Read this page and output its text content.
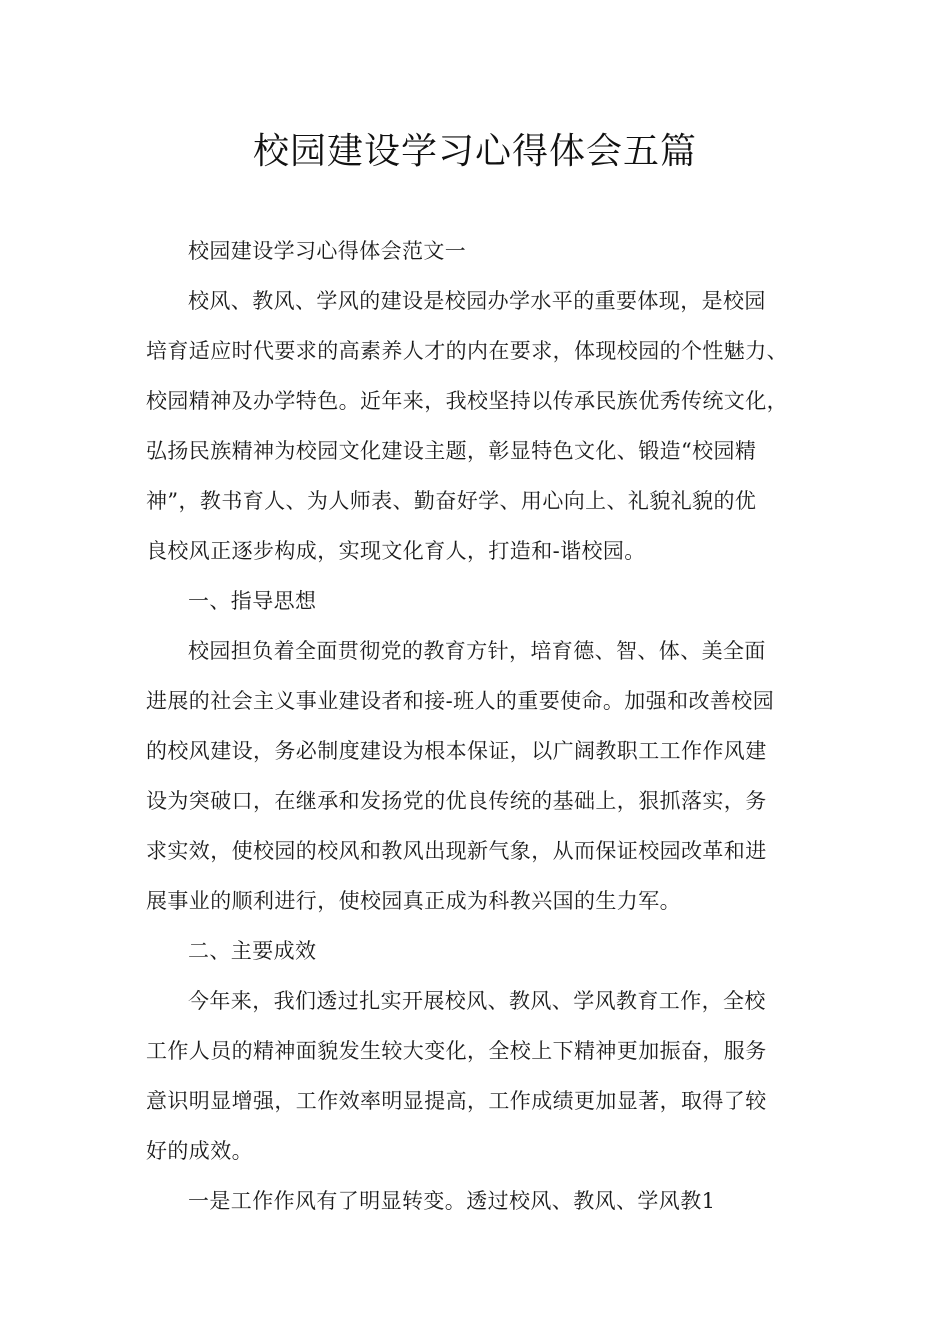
校园建设学习心得体会五篇

校园建设学习心得体会范文一

校风、教风、学风的建设是校园办学水平的重要体现，是校园
培育适应时代要求的高素养人才的内在要求，体现校园的个性魅力、
校园精神及办学特色。近年来，我校坚持以传承民族优秀传统文化，
弘扬民族精神为校园文化建设主题，彰显特色文化、锻造“校园精
神”，教书育人、为人师表、勤奋好学、用心向上、礼貌礼貌的优
良校风正逐步构成，实现文化育人，打造和-谐校园。

一、指导思想

校园担负着全面贯彻党的教育方针，培育德、智、体、美全面
进展的社会主义事业建设者和接-班人的重要使命。加强和改善校园
的校风建设，务必制度建设为根本保证，以广阔教职工工作作风建
设为突破口，在继承和发扬党的优良传统的基础上，狠抓落实，务
求实效，使校园的校风和教风出现新气象，从而保证校园改革和进
展事业的顺利进行，使校园真正成为科教兴国的生力军。

二、主要成效

今年来，我们透过扎实开展校风、教风、学风教育工作，全校
工作人员的精神面貌发生较大变化，全校上下精神更加振奋，服务
意识明显增强，工作效率明显提高，工作成绩更加显著，取得了较
好的成效。

一是工作作风有了明显转变。透过校风、教风、学风教1
